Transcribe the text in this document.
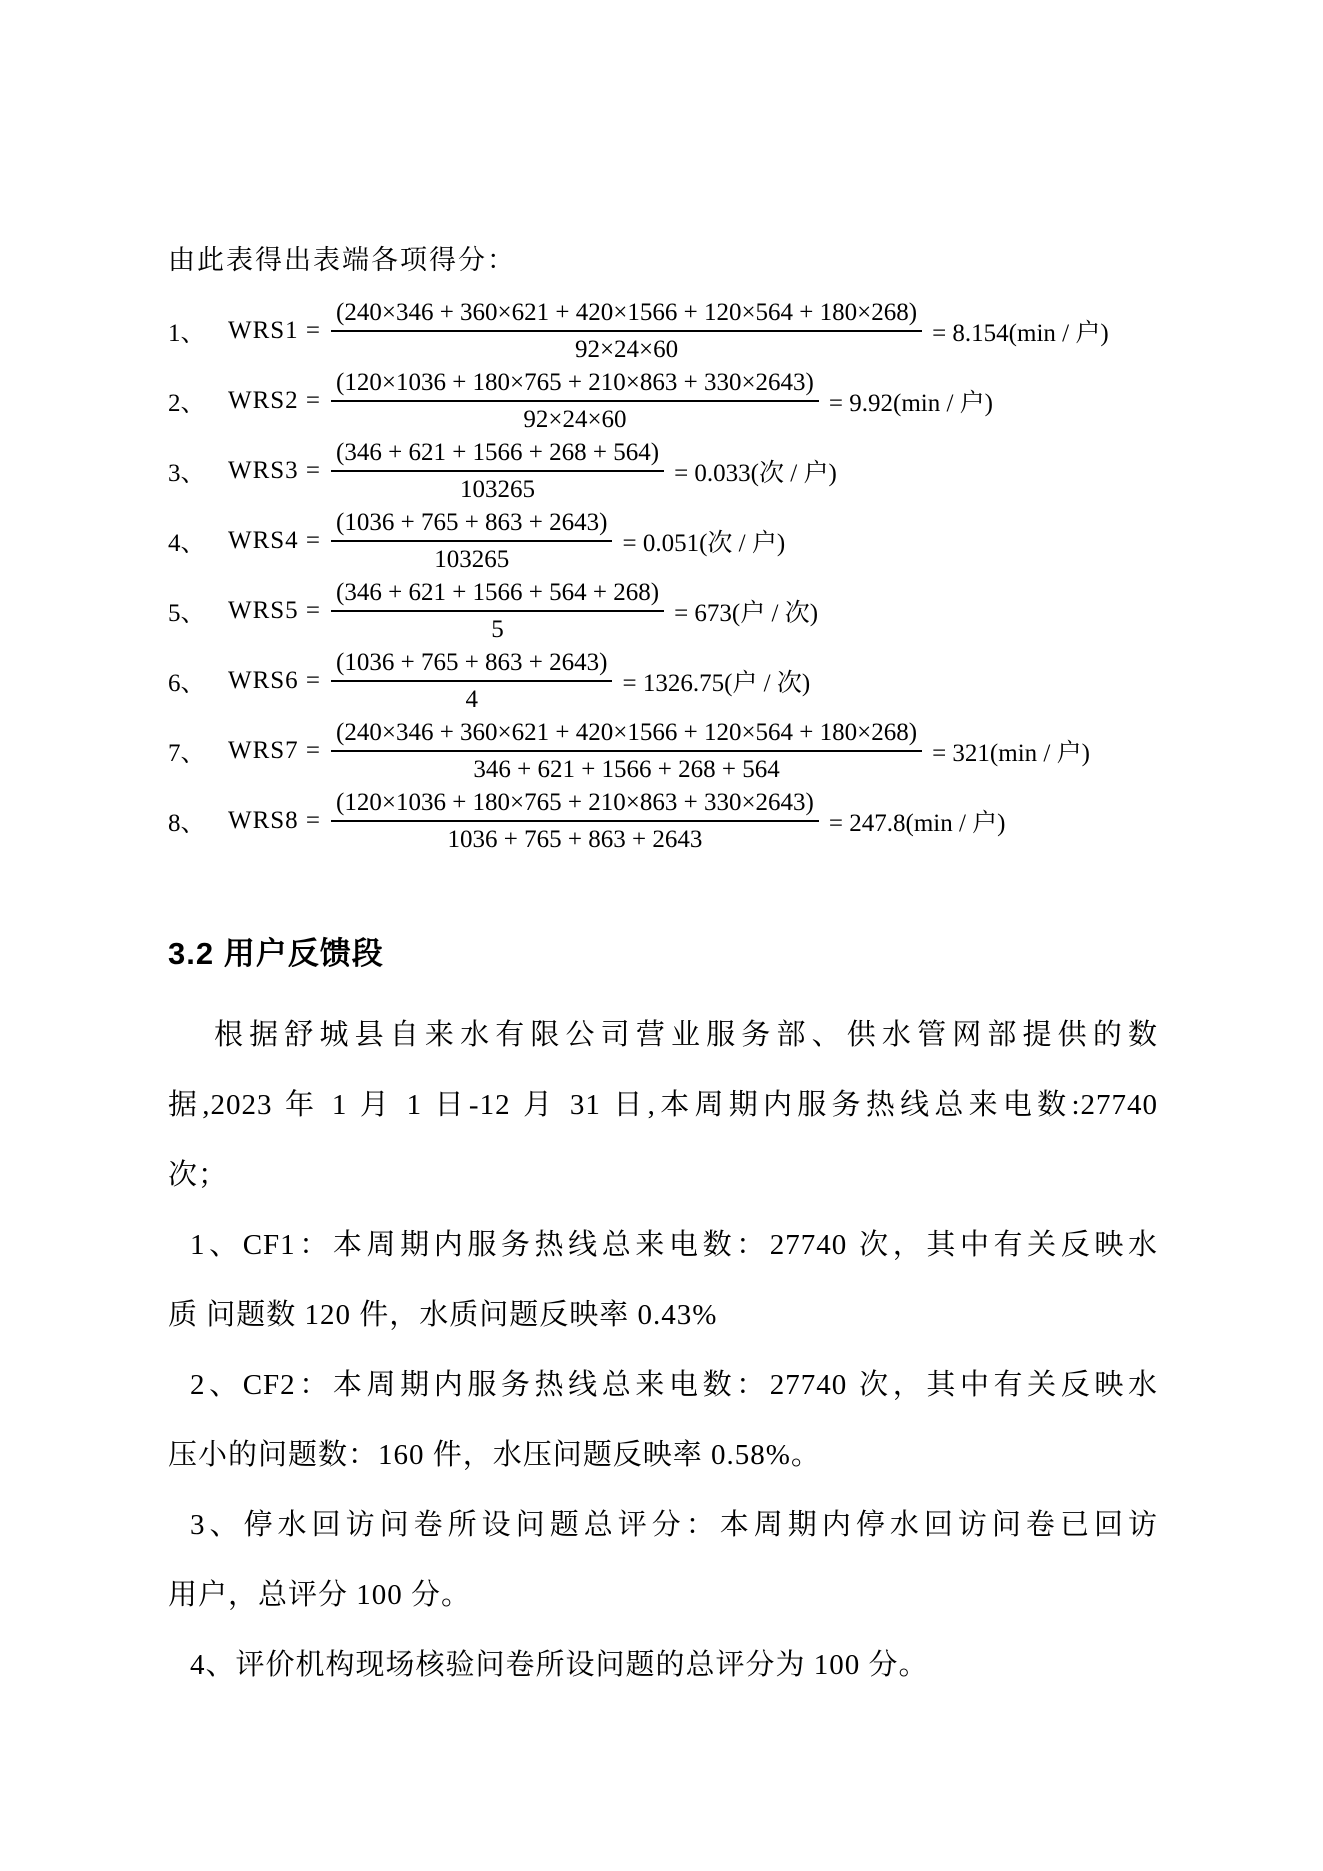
由此表得出表端各项得分：
1、 $WRS1 = \frac{(240\times 346 + 360\times 621 + 420\times 1566 + 120\times 564 + 180\times 268)}{92\times 24\times 60} = 8.154(\min$ / 户)
2、 $WRS2 = \frac{(120\times 1036 + 180\times 765 + 210\times 863 + 330\times 2643)}{92\times 24\times 60} = 9.92(\min$ / 户)
3、 $WRS3 = \frac{(346 + 621 + 1566 + 268 + 564)}{103265} = 0.033$(次 / 户)
4、 $WRS4 = \frac{(1036 + 765 + 863 + 2643)}{103265} = 0.051$(次 / 户)
5、 $WRS5 = \frac{(346 + 621 + 1566 + 564 + 268)}{5} = 673$(户 / 次)
6、 $WRS6 = \frac{(1036 + 765 + 863 + 2643)}{4} = 1326.75$(户 / 次)
7、 $WRS7 = \frac{(240\times 346 + 360\times 621 + 420\times 1566 + 120\times 564 + 180\times 268)}{346 + 621 + 1566 + 268 + 564} = 321(\min$ / 户)
8、 $WRS8 = \frac{(120\times 1036 + 180\times 765 + 210\times 863 + 330\times 2643)}{1036 + 765 + 863 + 2643} = 247.8(\min$ / 户)
3.2 用户反馈段
根据舒城县自来水有限公司营业服务部、供水管网部提供的数
据,2023 年 1 月 1 日-12 月 31 日,本周期内服务热线总来电数:27740
次；
1、CF1：本周期内服务热线总来电数：27740 次，其中有关反映水
质 问题数 120 件，水质问题反映率 0.43%
2、CF2：本周期内服务热线总来电数：27740 次，其中有关反映水
压小的问题数：160 件，水压问题反映率 0.58%。
3、停水回访问卷所设问题总评分：本周期内停水回访问卷已回访
用户，总评分 100 分。
4、评价机构现场核验问卷所设问题的总评分为 100 分。
